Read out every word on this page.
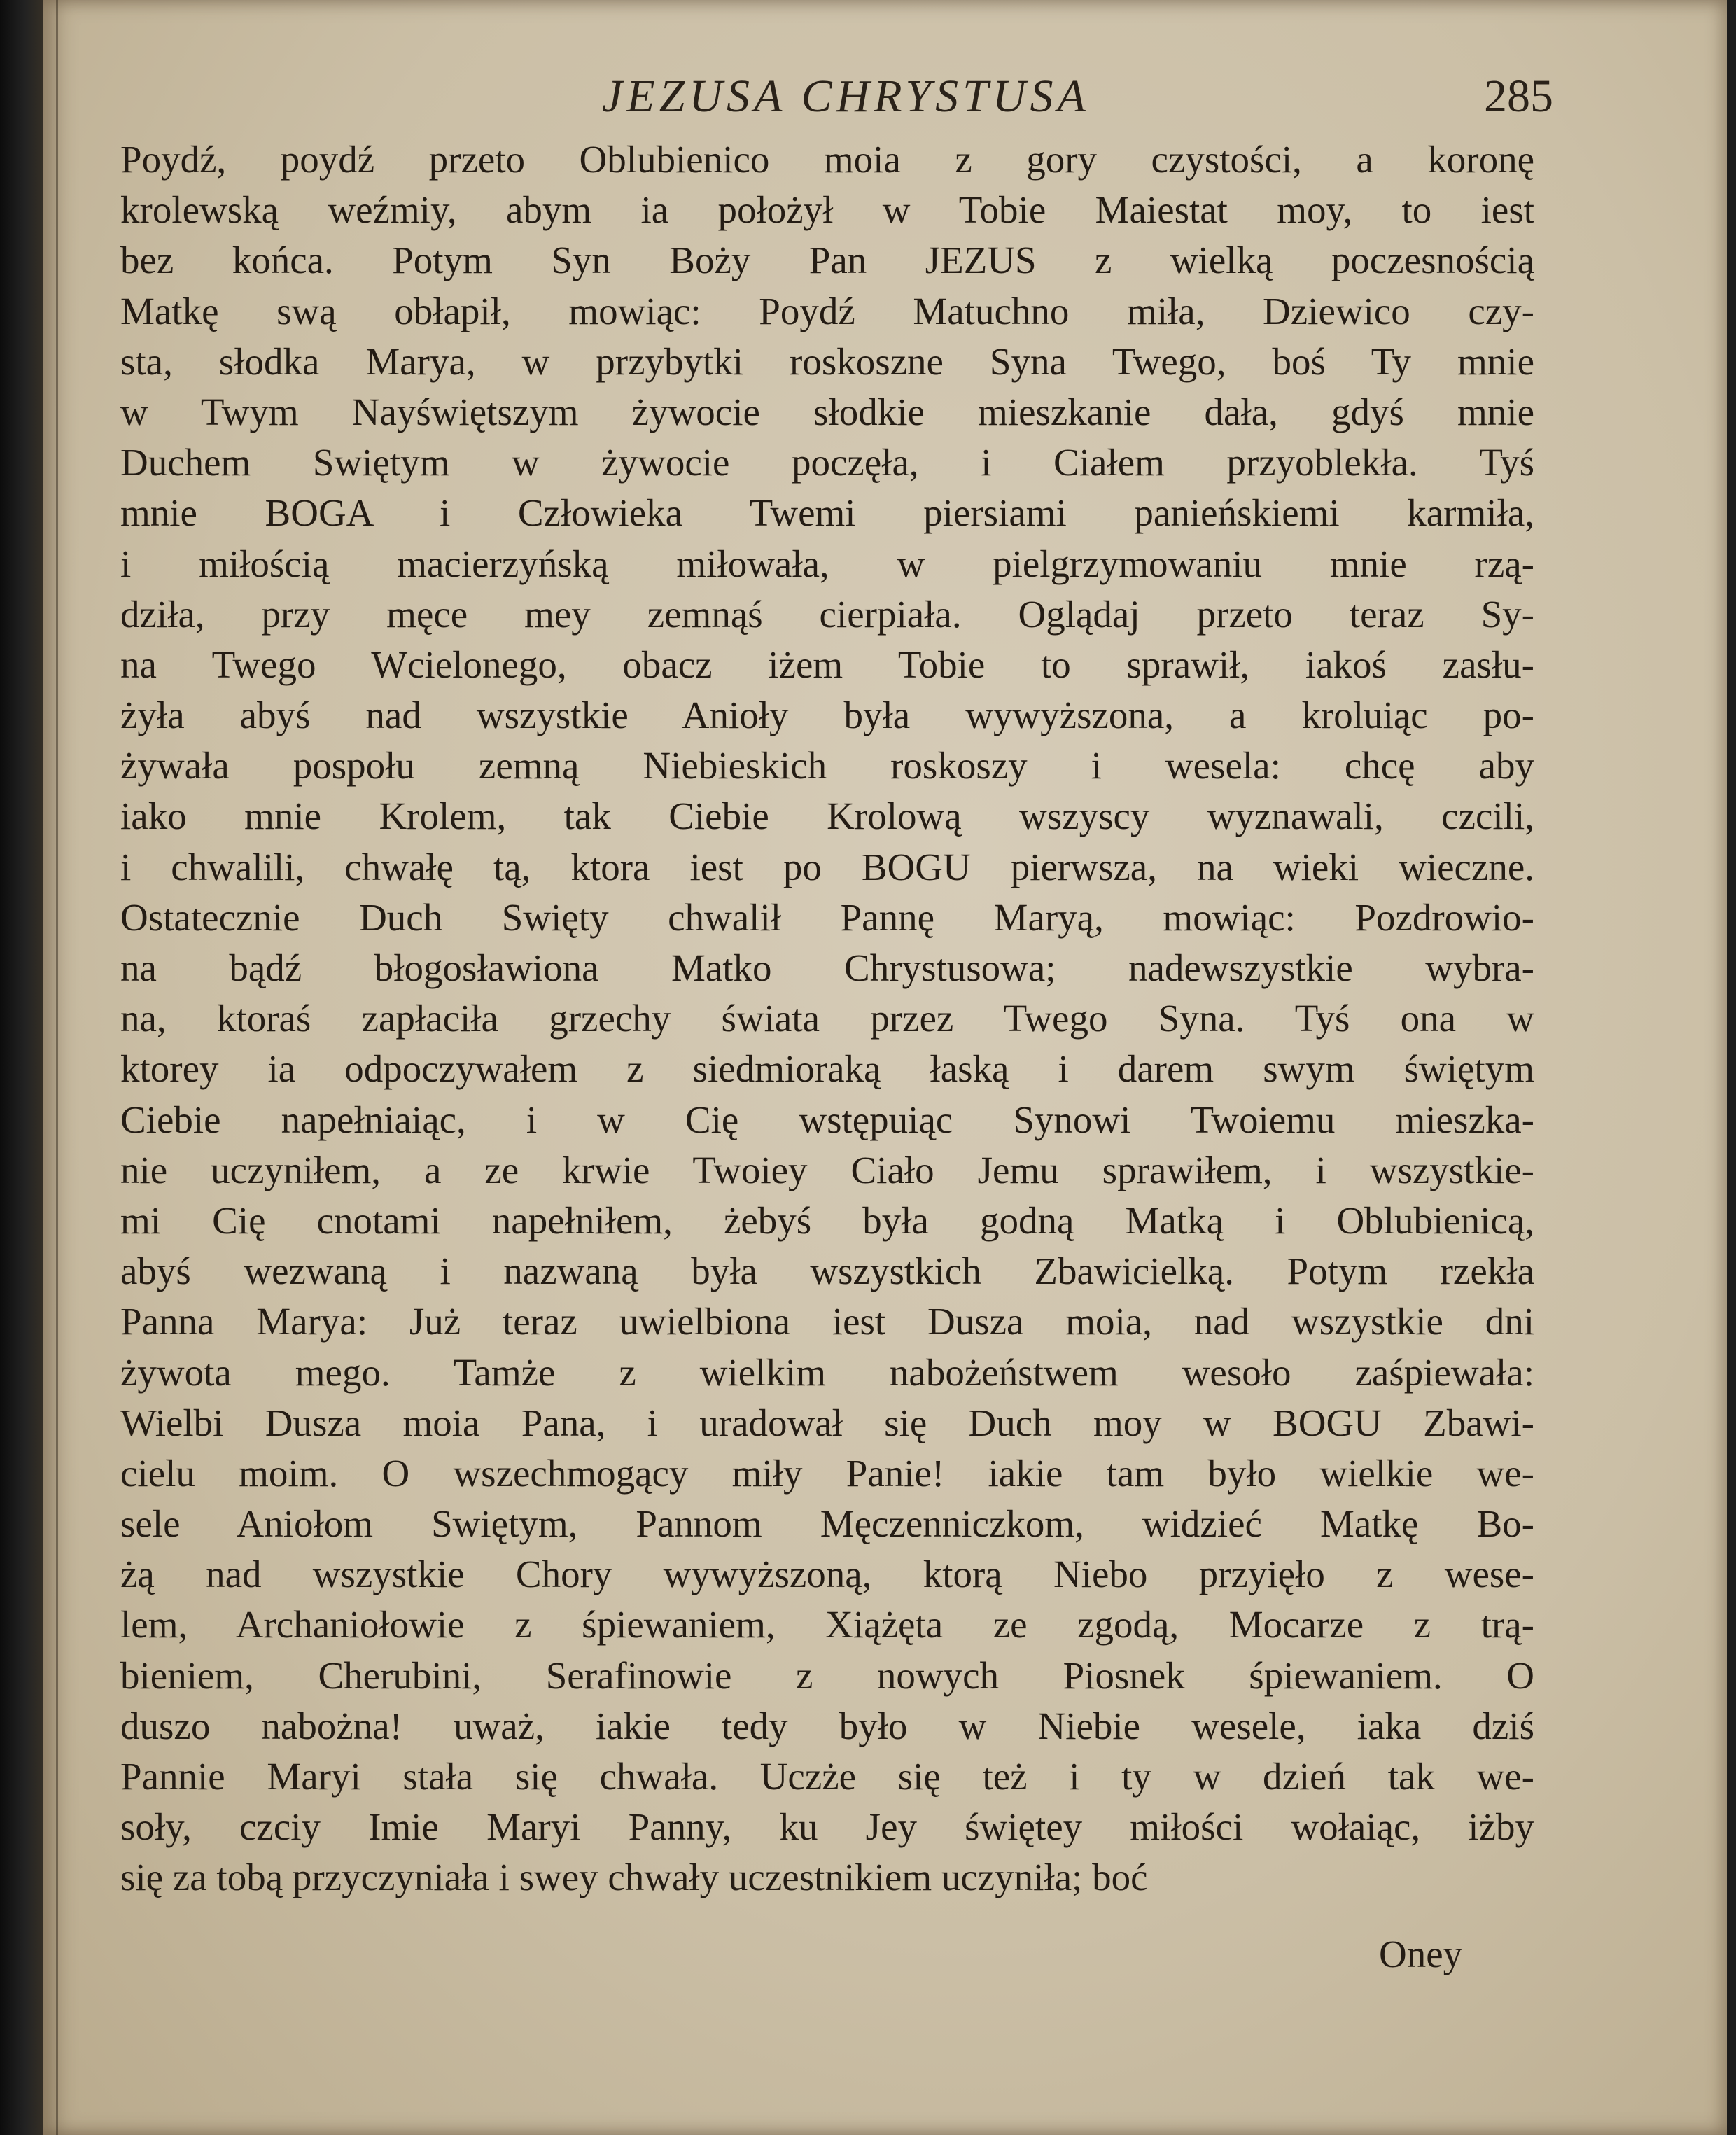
JEZUSA CHRYSTUSA	285
Poydź, poydź przeto Oblubienico moia z gory czystości, a koronę
krolewską weźmiy, abym ia położył w Tobie Maiestat moy, to iest
bez końca. Potym Syn Boży Pan JEZUS z wielką poczesnością
Matkę swą obłapił, mowiąc: Poydź Matuchno miła, Dziewico czy-
sta, słodka Marya, w przybytki roskoszne Syna Twego, boś Ty mnie
w Twym Nayświętszym żywocie słodkie mieszkanie dała, gdyś mnie
Duchem Swiętym w żywocie poczęła, i Ciałem przyoblekła. Tyś
mnie BOGA i Człowieka Twemi piersiami panieńskiemi karmiła,
i miłością macierzyńską miłowała, w pielgrzymowaniu mnie rzą-
dziła, przy męce mey zemnąś cierpiała. Oglądaj przeto teraz Sy-
na Twego Wcielonego, obacz iżem Tobie to sprawił, iakoś zasłu-
żyła abyś nad wszystkie Anioły była wywyższona, a kroluiąc po-
żywała pospołu zemną Niebieskich roskoszy i wesela: chcę aby
iako mnie Krolem, tak Ciebie Krolową wszyscy wyznawali, czcili,
i chwalili, chwałę tą, ktora iest po BOGU pierwsza, na wieki wieczne.
Ostatecznie Duch Swięty chwalił Pannę Maryą, mowiąc: Pozdrowio-
na bądź błogosławiona Matko Chrystusowa; nadewszystkie wybra-
na, ktoraś zapłaciła grzechy świata przez Twego Syna. Tyś ona w
ktorey ia odpoczywałem z siedmioraką łaską i darem swym świętym
Ciebie napełniaiąc, i w Cię wstępuiąc Synowi Twoiemu mieszka-
nie uczyniłem, a ze krwie Twoiey Ciało Jemu sprawiłem, i wszystkie-
mi Cię cnotami napełniłem, żebyś była godną Matką i Oblubienicą,
abyś wezwaną i nazwaną była wszystkich Zbawicielką. Potym rzekła
Panna Marya: Już teraz uwielbiona iest Dusza moia, nad wszystkie dni
żywota mego. Tamże z wielkim nabożeństwem wesoło zaśpiewała:
Wielbi Dusza moia Pana, i uradował się Duch moy w BOGU Zbawi-
cielu moim. O wszechmogący miły Panie! iakie tam było wielkie we-
sele Aniołom Swiętym, Pannom Męczenniczkom, widzieć Matkę Bo-
żą nad wszystkie Chory wywyższoną, ktorą Niebo przyięło z wese-
lem, Archaniołowie z śpiewaniem, Xiążęta ze zgodą, Mocarze z trą-
bieniem, Cherubini, Serafinowie z nowych Piosnek śpiewaniem. O
duszo nabożna! uważ, iakie tedy było w Niebie wesele, iaka dziś
Pannie Maryi stała się chwała. Uczże się też i ty w dzień tak we-
soły, czciy Imie Maryi Panny, ku Jey świętey miłości wołaiąc, iżby
się za tobą przyczyniała i swey chwały uczestnikiem uczyniła; boć
Oney
